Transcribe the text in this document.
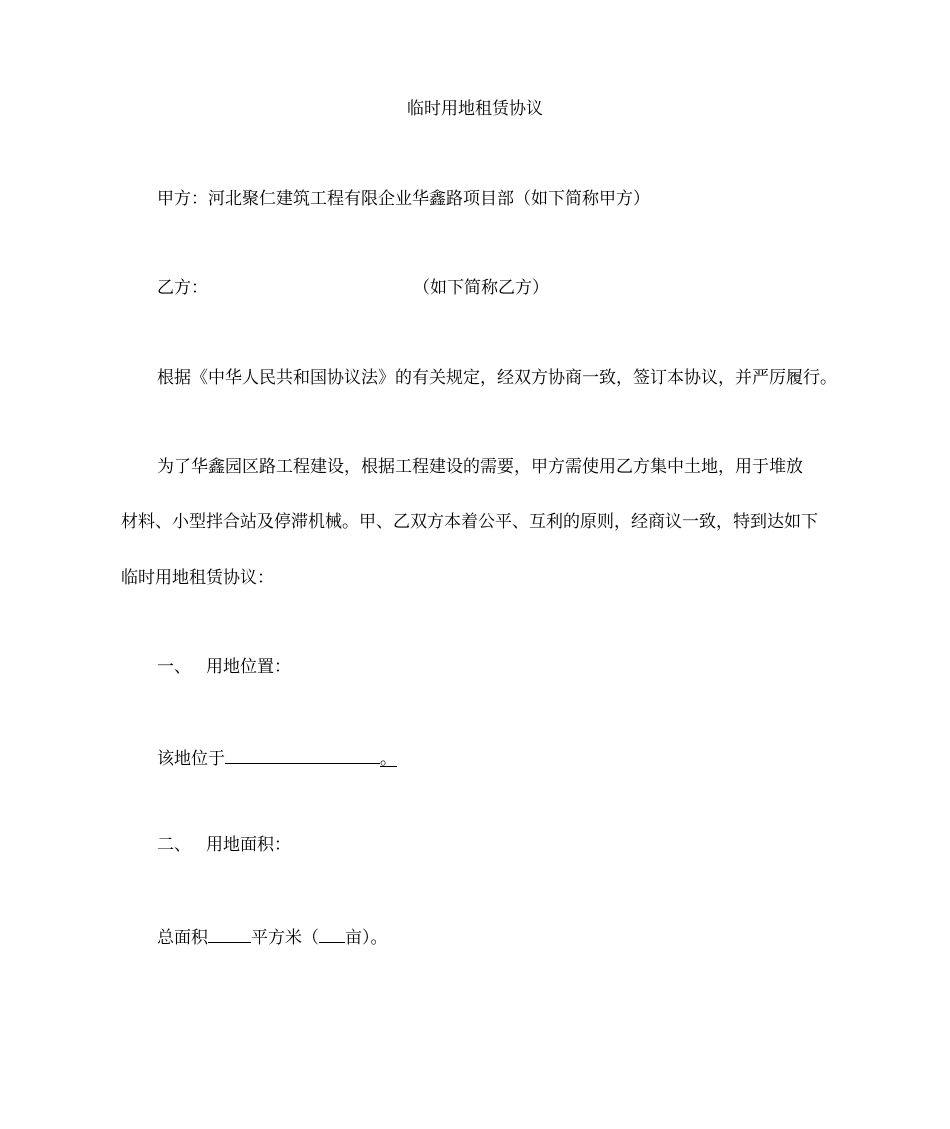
临时用地租赁协议
甲方：河北聚仁建筑工程有限企业华鑫路项目部（如下简称甲方）
乙方：	（如下简称乙方）
根据《中华人民共和国协议法》的有关规定，经双方协商一致，签订本协议，并严厉履行。
为了华鑫园区路工程建设，根据工程建设的需要，甲方需使用乙方集中土地，用于堆放
材料、小型拌合站及停滞机械。甲、乙双方本着公平、互利的原则，经商议一致，特到达如下
临时用地租赁协议：
一、 用地位置：
该地位于	。
二、 用地面积：
总面积	平方米（ 亩）。
